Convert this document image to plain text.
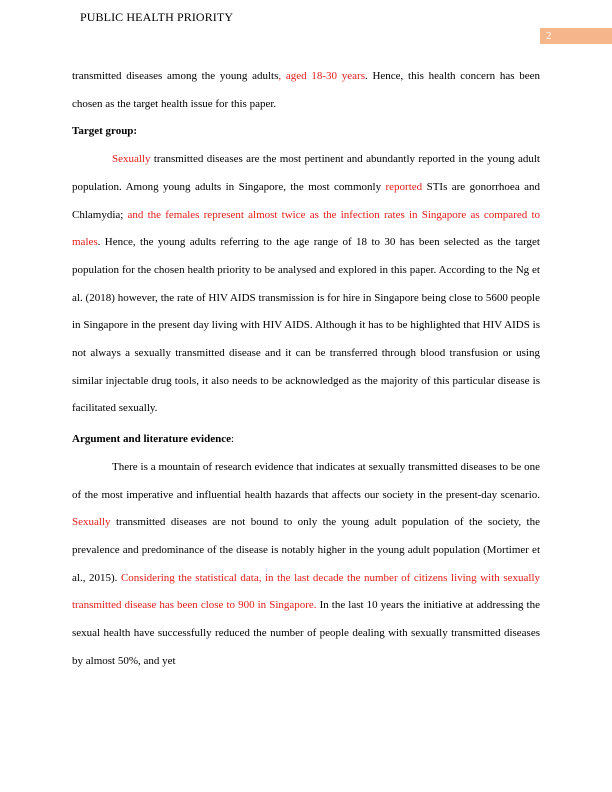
PUBLIC HEALTH PRIORITY
2

transmitted diseases among the young adults, aged 18-30 years. Hence, this health concern has been chosen as the target health issue for this paper.

Target group:

Sexually transmitted diseases are the most pertinent and abundantly reported in the young adult population. Among young adults in Singapore, the most commonly reported STIs are gonorrhoea and Chlamydia; and the females represent almost twice as the infection rates in Singapore as compared to males. Hence, the young adults referring to the age range of 18 to 30 has been selected as the target population for the chosen health priority to be analysed and explored in this paper. According to the Ng et al. (2018) however, the rate of HIV AIDS transmission is for hire in Singapore being close to 5600 people in Singapore in the present day living with HIV AIDS. Although it has to be highlighted that HIV AIDS is not always a sexually transmitted disease and it can be transferred through blood transfusion or using similar injectable drug tools, it also needs to be acknowledged as the majority of this particular disease is facilitated sexually.

Argument and literature evidence:

There is a mountain of research evidence that indicates at sexually transmitted diseases to be one of the most imperative and influential health hazards that affects our society in the present-day scenario. Sexually transmitted diseases are not bound to only the young adult population of the society, the prevalence and predominance of the disease is notably higher in the young adult population (Mortimer et al., 2015). Considering the statistical data, in the last decade the number of citizens living with sexually transmitted disease has been close to 900 in Singapore. In the last 10 years the initiative at addressing the sexual health have successfully reduced the number of people dealing with sexually transmitted diseases by almost 50%, and yet
